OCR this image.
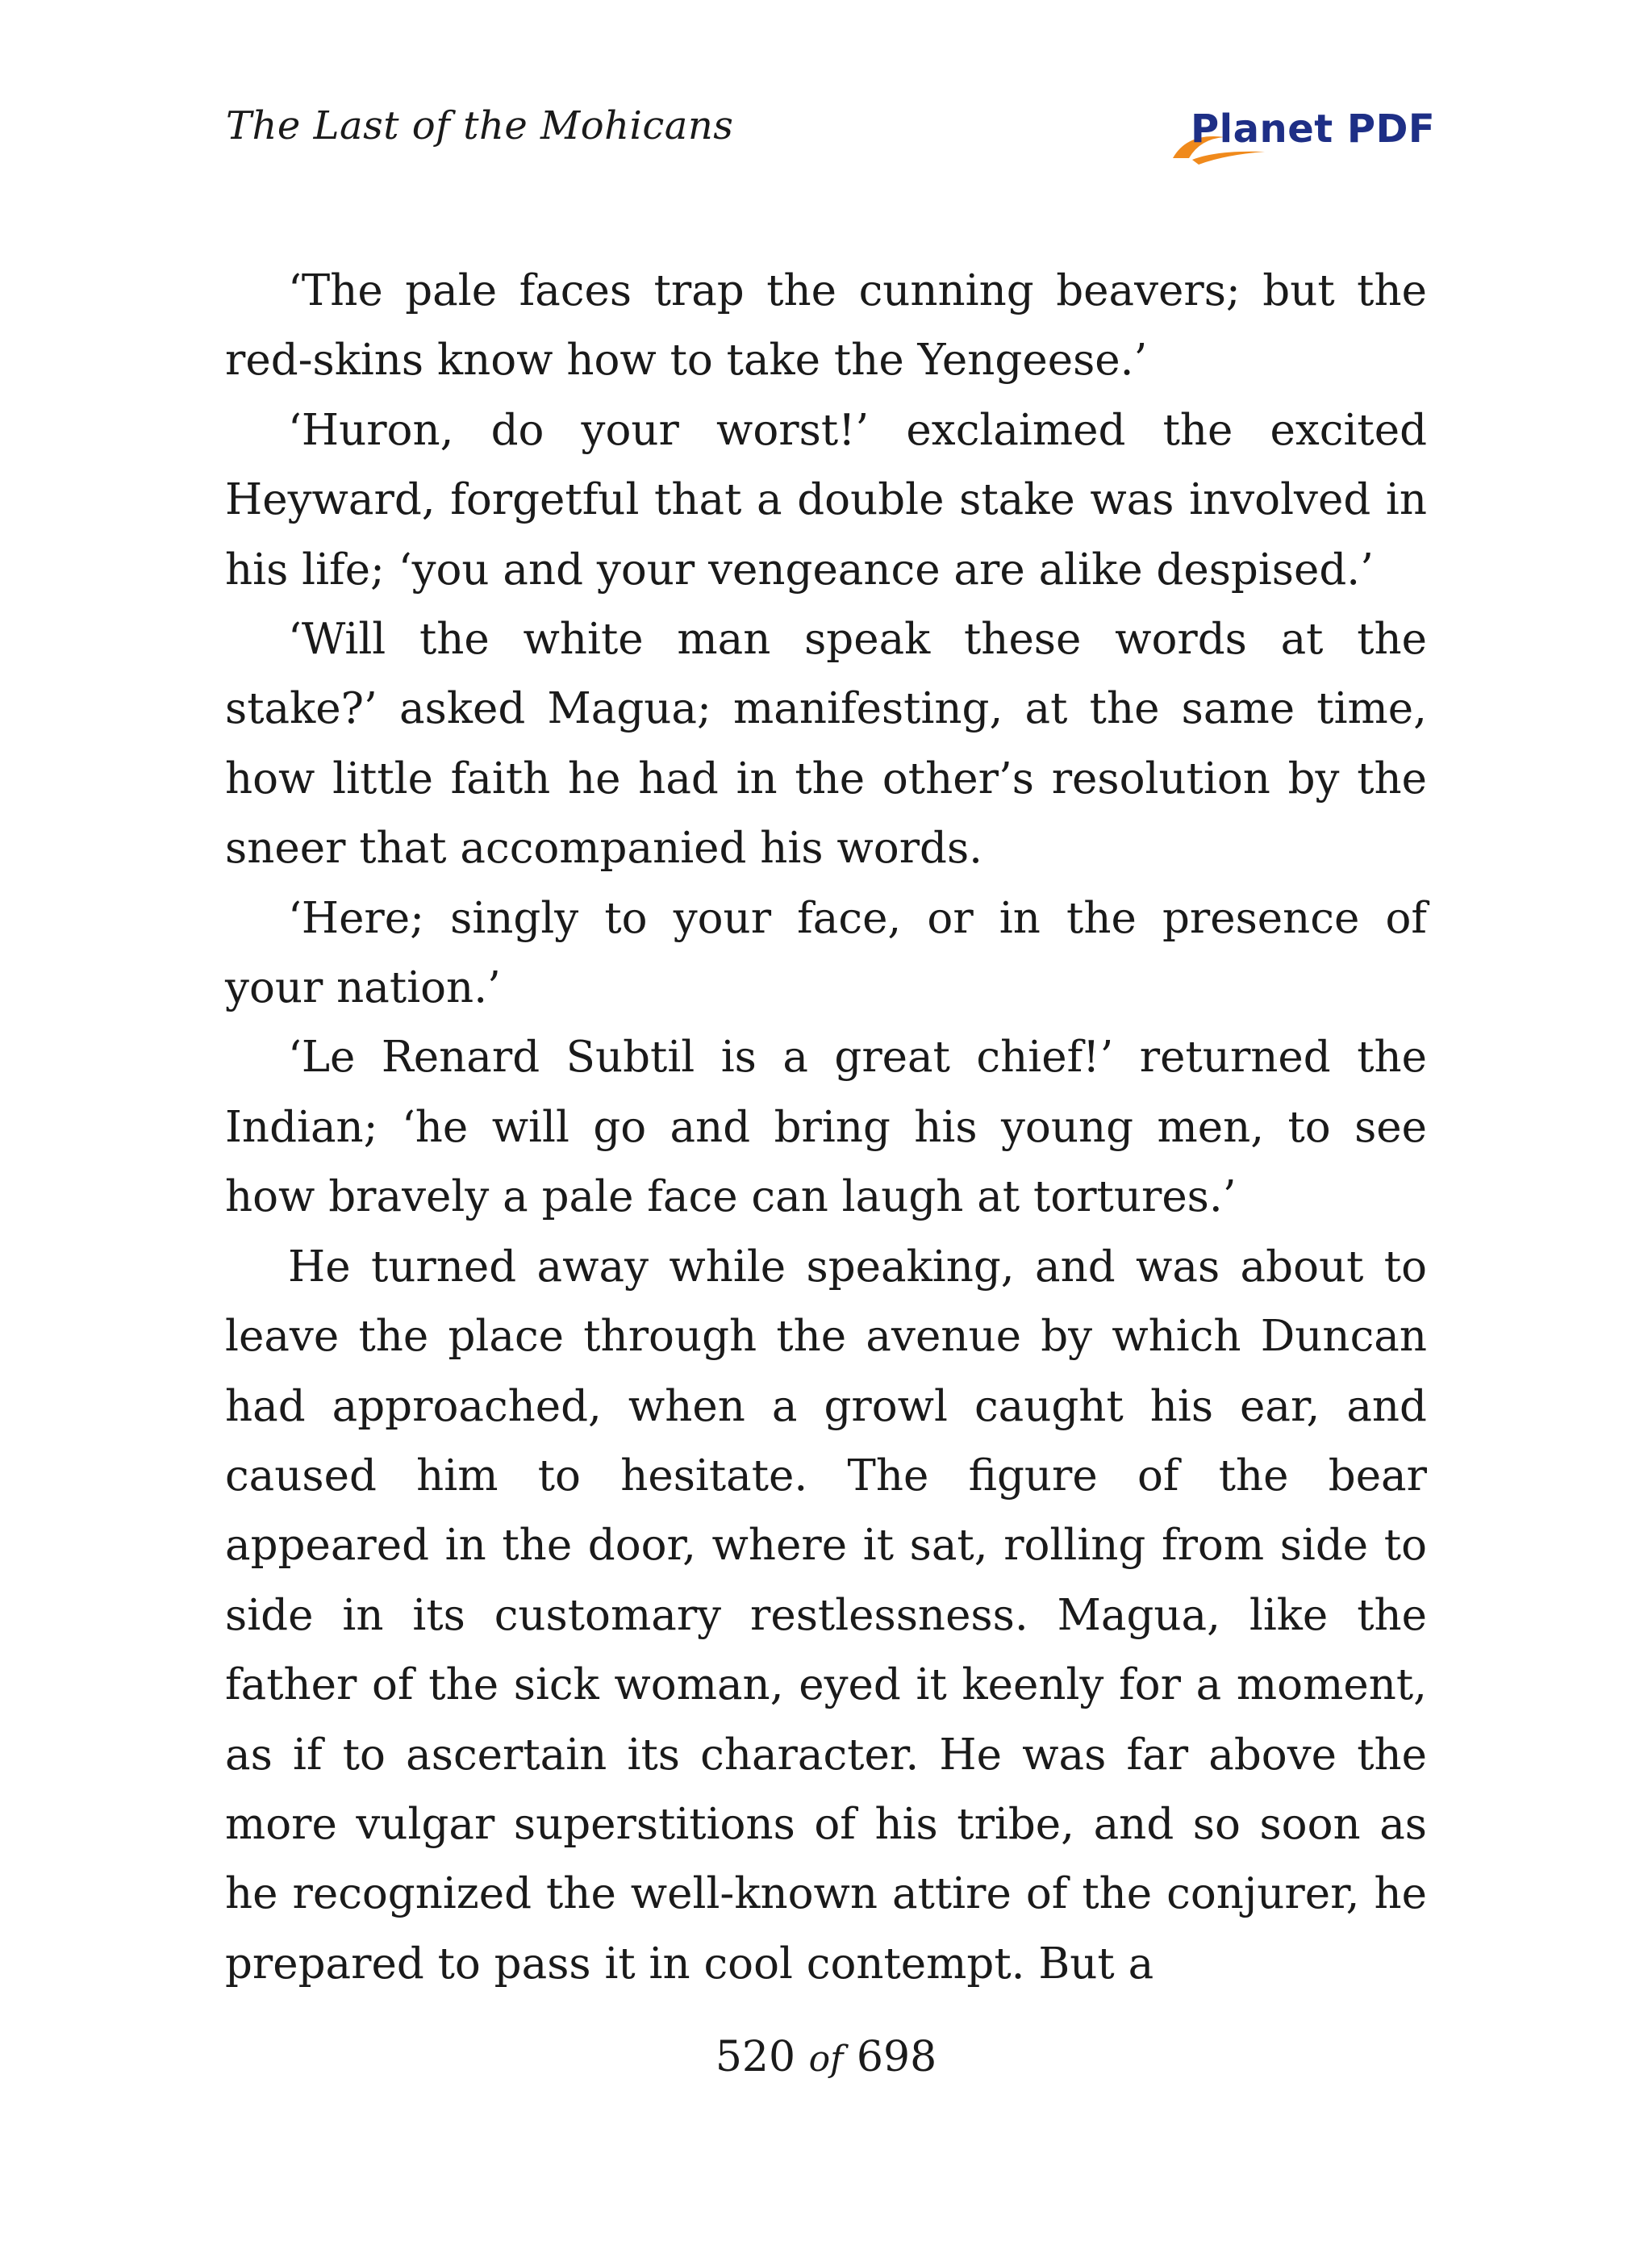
The Last of the Mohicans	Planet PDF

‘The pale faces trap the cunning beavers; but the red-skins know how to take the Yengeese.’

‘Huron, do your worst!’ exclaimed the excited Heyward, forgetful that a double stake was involved in his life; ‘you and your vengeance are alike despised.’

‘Will the white man speak these words at the stake?’ asked Magua; manifesting, at the same time, how little faith he had in the other’s resolution by the sneer that accompanied his words.

‘Here; singly to your face, or in the presence of your nation.’

‘Le Renard Subtil is a great chief!’ returned the Indian; ‘he will go and bring his young men, to see how bravely a pale face can laugh at tortures.’

He turned away while speaking, and was about to leave the place through the avenue by which Duncan had approached, when a growl caught his ear, and caused him to hesitate. The figure of the bear appeared in the door, where it sat, rolling from side to side in its customary restlessness. Magua, like the father of the sick woman, eyed it keenly for a moment, as if to ascertain its character. He was far above the more vulgar superstitions of his tribe, and so soon as he recognized the well-known attire of the conjurer, he prepared to pass it in cool contempt. But a

520 of 698
